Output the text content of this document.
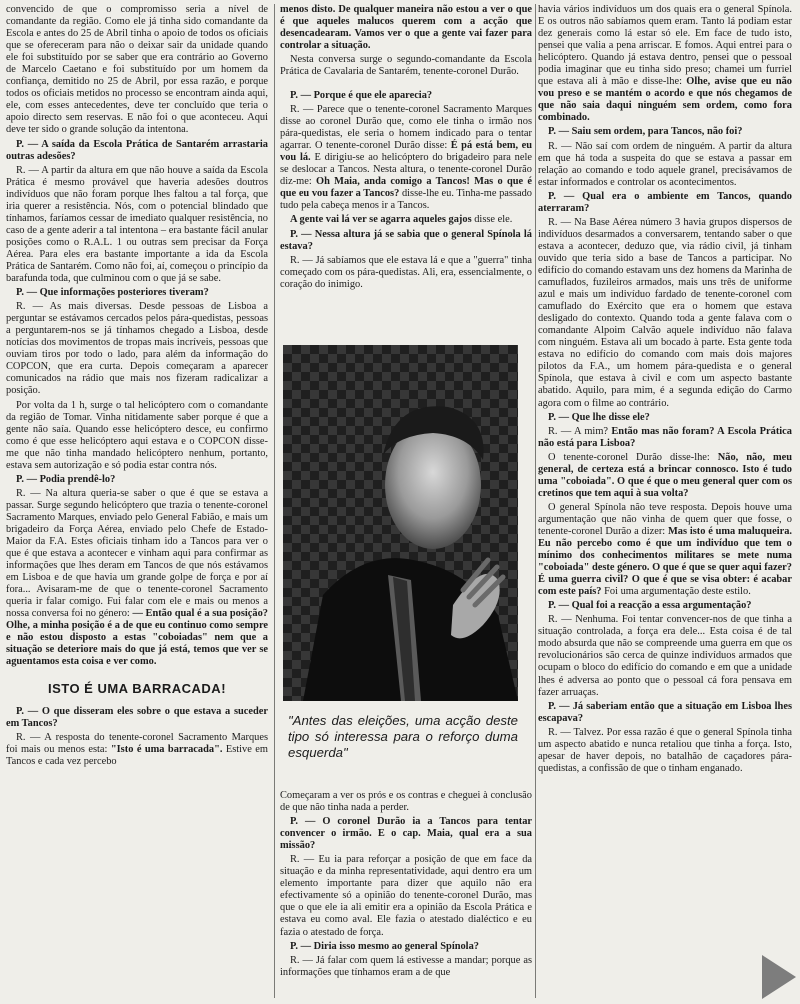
convencido de que o compromisso seria a nível de comandante da região. Como ele já tinha sido comandante da Escola e antes do 25 de Abril tinha o apoio de todos os oficiais que se ofereceram para não o deixar sair da unidade quando ele foi substituído por se saber que era contrário ao Governo de Marcelo Caetano e foi substituído por um homem da confiança, demitido no 25 de Abril, por essa razão, e porque todos os oficiais metidos no processo se encontram ainda aqui, ele, com esses antecedentes, deve ter concluído que teria o apoio directo sem reservas. E não foi o que aconteceu. Aqui deve ter sido o grande solução da intentona.

P. — A saída da Escola Prática de Santarém arrastaria outras adesões?

R. — A partir da altura em que não houve a saída da Escola Prática é mesmo provável que haveria adesões doutros indivíduos que não foram porque lhes faltou a tal força, que iria querer a resistência. Nós, com o potencial blindado que tínhamos, faríamos cessar de imediato qualquer resistência, no caso de a gente aderir a tal intentona – era bastante fácil anular posições como o R.A.L. 1 ou outras sem precisar da Força Aérea. Para eles era bastante importante a ida da Escola Prática de Santarém. Como não foi, aí, começou o princípio da barafunda toda, que culminou com o que já se sabe.

P. — Que informações posteriores tiveram?

R. — As mais diversas. Desde pessoas de Lisboa a perguntar se estávamos cercados pelos pára-quedistas, pessoas a perguntarem-nos se já tínhamos chegado a Lisboa, desde notícias dos movimentos de tropas mais incríveis, pessoas que ouviam tiros por todo o lado, para além da informação do COPCON, que era curta. Depois começaram a aparecer comunicados na rádio que mais nos fizeram radicalizar a posição.

Por volta da 1 h, surge o tal helicóptero com o comandante da região de Tomar. Vinha nitidamente saber porque é que a gente não saía. Quando esse helicóptero desce, eu confirmo como é que esse helicóptero aqui estava e o COPCON disse-me que não tinha mandado helicóptero nenhum, portanto, estava sem autorização e só podia estar contra nós.

P. — Podia prendê-lo?

R. — Na altura queria-se saber o que é que se estava a passar. Surge segundo helicóptero que trazia o tenente-coronel Sacramento Marques, enviado pelo General Fabião, e mais um brigadeiro da Força Aérea, enviado pelo Chefe de Estado-Maior da F.A. Estes oficiais tinham ido a Tancos para ver o que é que estava a acontecer e vinham aqui para confirmar as informações que lhes deram em Tancos de que nós estávamos em Lisboa e de que havia um grande golpe de força e por aí fora... Avisaram-me de que o tenente-coronel Sacramento queria ir falar comigo. Fui falar com ele e mais ou menos a nossa conversa foi no género: — Então qual é a sua posição? Olhe, a minha posição é a de que eu continuo como sempre e não estou disposto a estas "coboiadas" nem que a situação se deteriore mais do que já está, temos que ver se aguentamos esta coisa e ver como.

ISTO É UMA BARRACADA!

P. — O que disseram eles sobre o que estava a suceder em Tancos?

R. — A resposta do tenente-coronel Sacramento Marques foi mais ou menos esta: "Isto é uma barracada". Estive em Tancos e cada vez percebo

menos disto. De qualquer maneira não estou a ver o que é que aqueles malucos querem com a acção que desencadearam. Vamos ver o que a gente vai fazer para controlar a situação.

Nesta conversa surge o segundo-comandante da Escola Prática de Cavalaria de Santarém, tenente-coronel Durão.

P. — Porque é que ele aparecia?

R. — Parece que o tenente-coronel Sacramento Marques disse ao coronel Durão que, como ele tinha o irmão nos pára-quedistas, ele seria o homem indicado para o tentar agarrar. O tenente-coronel Durão disse: É pá está bem, eu vou lá. E dirigiu-se ao helicóptero do brigadeiro para nele se deslocar a Tancos. Nesta altura, o tenente-coronel Durão diz-me: Oh Maia, anda comigo a Tancos! Mas o que é que eu vou fazer a Tancos? disse-lhe eu. Tinha-me passado tudo pela cabeça menos ir a Tancos.

A gente vai lá ver se agarra aqueles gajos disse ele.

P. — Nessa altura já se sabia que o general Spínola lá estava?

R. — Já sabíamos que ele estava lá e que a "guerra" tinha começado com os pára-quedistas. Ali, era, essencialmente, o coração do inimigo.

"Antes das eleições, uma acção deste tipo só interessa para o reforço duma esquerda"

Começaram a ver os prós e os contras e cheguei à conclusão de que não tinha nada a perder.

P. — O coronel Durão ia a Tancos para tentar convencer o irmão. E o cap. Maia, qual era a sua missão?

R. — Eu ia para reforçar a posição de que em face da situação e da minha representatividade, aqui dentro era um elemento importante para dizer que aquilo não era efectivamente só a opinião do tenente-coronel Durão, mas que o que ele ia ali emitir era a opinião da Escola Prática e estava eu como aval. Ele fazia o atestado dialéctico e eu fazia o atestado de força.

P. — Diria isso mesmo ao general Spínola?

R. — Já falar com quem lá estivesse a mandar; porque as informações que tínhamos eram a de que

havia vários indivíduos um dos quais era o general Spínola. E os outros não sabíamos quem eram. Tanto lá podiam estar dez generais como lá estar só ele. Em face de tudo isto, pensei que valia a pena arriscar. E fomos. Aqui entrei para o helicóptero. Quando já estava dentro, pensei que o pessoal podia imaginar que eu tinha sido preso; chamei um furriel que estava ali à mão e disse-lhe: Olhe, avise que eu não vou preso e se mantém o acordo e que nós chegamos de que não saia daqui ninguém sem ordem, como fora combinado.

P. — Saiu sem ordem, para Tancos, não foi?

R. — Não saí com ordem de ninguém. A partir da altura em que há toda a suspeita do que se estava a passar em relação ao comando e todo aquele granel, precisávamos de estar informados e controlar os acontecimentos.

P. — Qual era o ambiente em Tancos, quando aterraram?

R. — Na Base Aérea número 3 havia grupos dispersos de indivíduos desarmados a conversarem, tentando saber o que estava a acontecer, deduzo que, via rádio civil, já tinham ouvido que teria sido a base de Tancos a participar. No edifício do comando estavam uns dez homens da Marinha de camuflados, fuzileiros armados, mais uns três de uniforme azul e mais um indivíduo fardado de tenente-coronel com camuflado do Exército que era o homem que estava desligado do contexto. Quando toda a gente falava com o comandante Alpoim Calvão aquele indivíduo não falava com ninguém. Estava ali um bocado à parte. Esta gente toda estava no edifício do comando com mais dois majores pilotos da F.A., um homem pára-quedista e o general Spínola, que estava à civil e com um aspecto bastante abatido. Aquilo, para mim, é a segunda edição do Carmo agora com o filme ao contrário.

P. — Que lhe disse ele?

R. — A mim? Então mas não foram? A Escola Prática não está para Lisboa?

O tenente-coronel Durão disse-lhe: Não, não, meu general, de certeza está a brincar connosco. Isto é tudo uma "coboiada". O que é que o meu general quer com os cretinos que tem aqui à sua volta?

O general Spínola não teve resposta. Depois houve uma argumentação que não vinha de quem quer que fosse, o tenente-coronel Durão a dizer: Mas isto é uma maluqueira. Eu não percebo como é que um indivíduo que tem o mínimo dos conhecimentos militares se mete numa "coboiada" deste género. O que é que se quer aqui fazer? É uma guerra civil? O que é que se visa obter: é acabar com este país? Foi uma argumentação deste estilo.

P. — Qual foi a reacção a essa argumentação?

R. — Nenhuma. Foi tentar convencer-nos de que tinha a situação controlada, a força era dele... Esta coisa é de tal modo absurda que não se compreende uma guerra em que os revolucionários são cerca de quinze indivíduos armados que ocupam o bloco do edifício do comando e em que a unidade lhes é adversa ao ponto que o pessoal cá fora pensava em fazer arruaças.

P. — Já saberiam então que a situação em Lisboa lhes escapava?

R. — Talvez. Por essa razão é que o general Spínola tinha um aspecto abatido e nunca retaliou que tinha a força. Isto, apesar de haver depois, no batalhão de caçadores pára-quedistas, a confissão de que o tinham enganado.
